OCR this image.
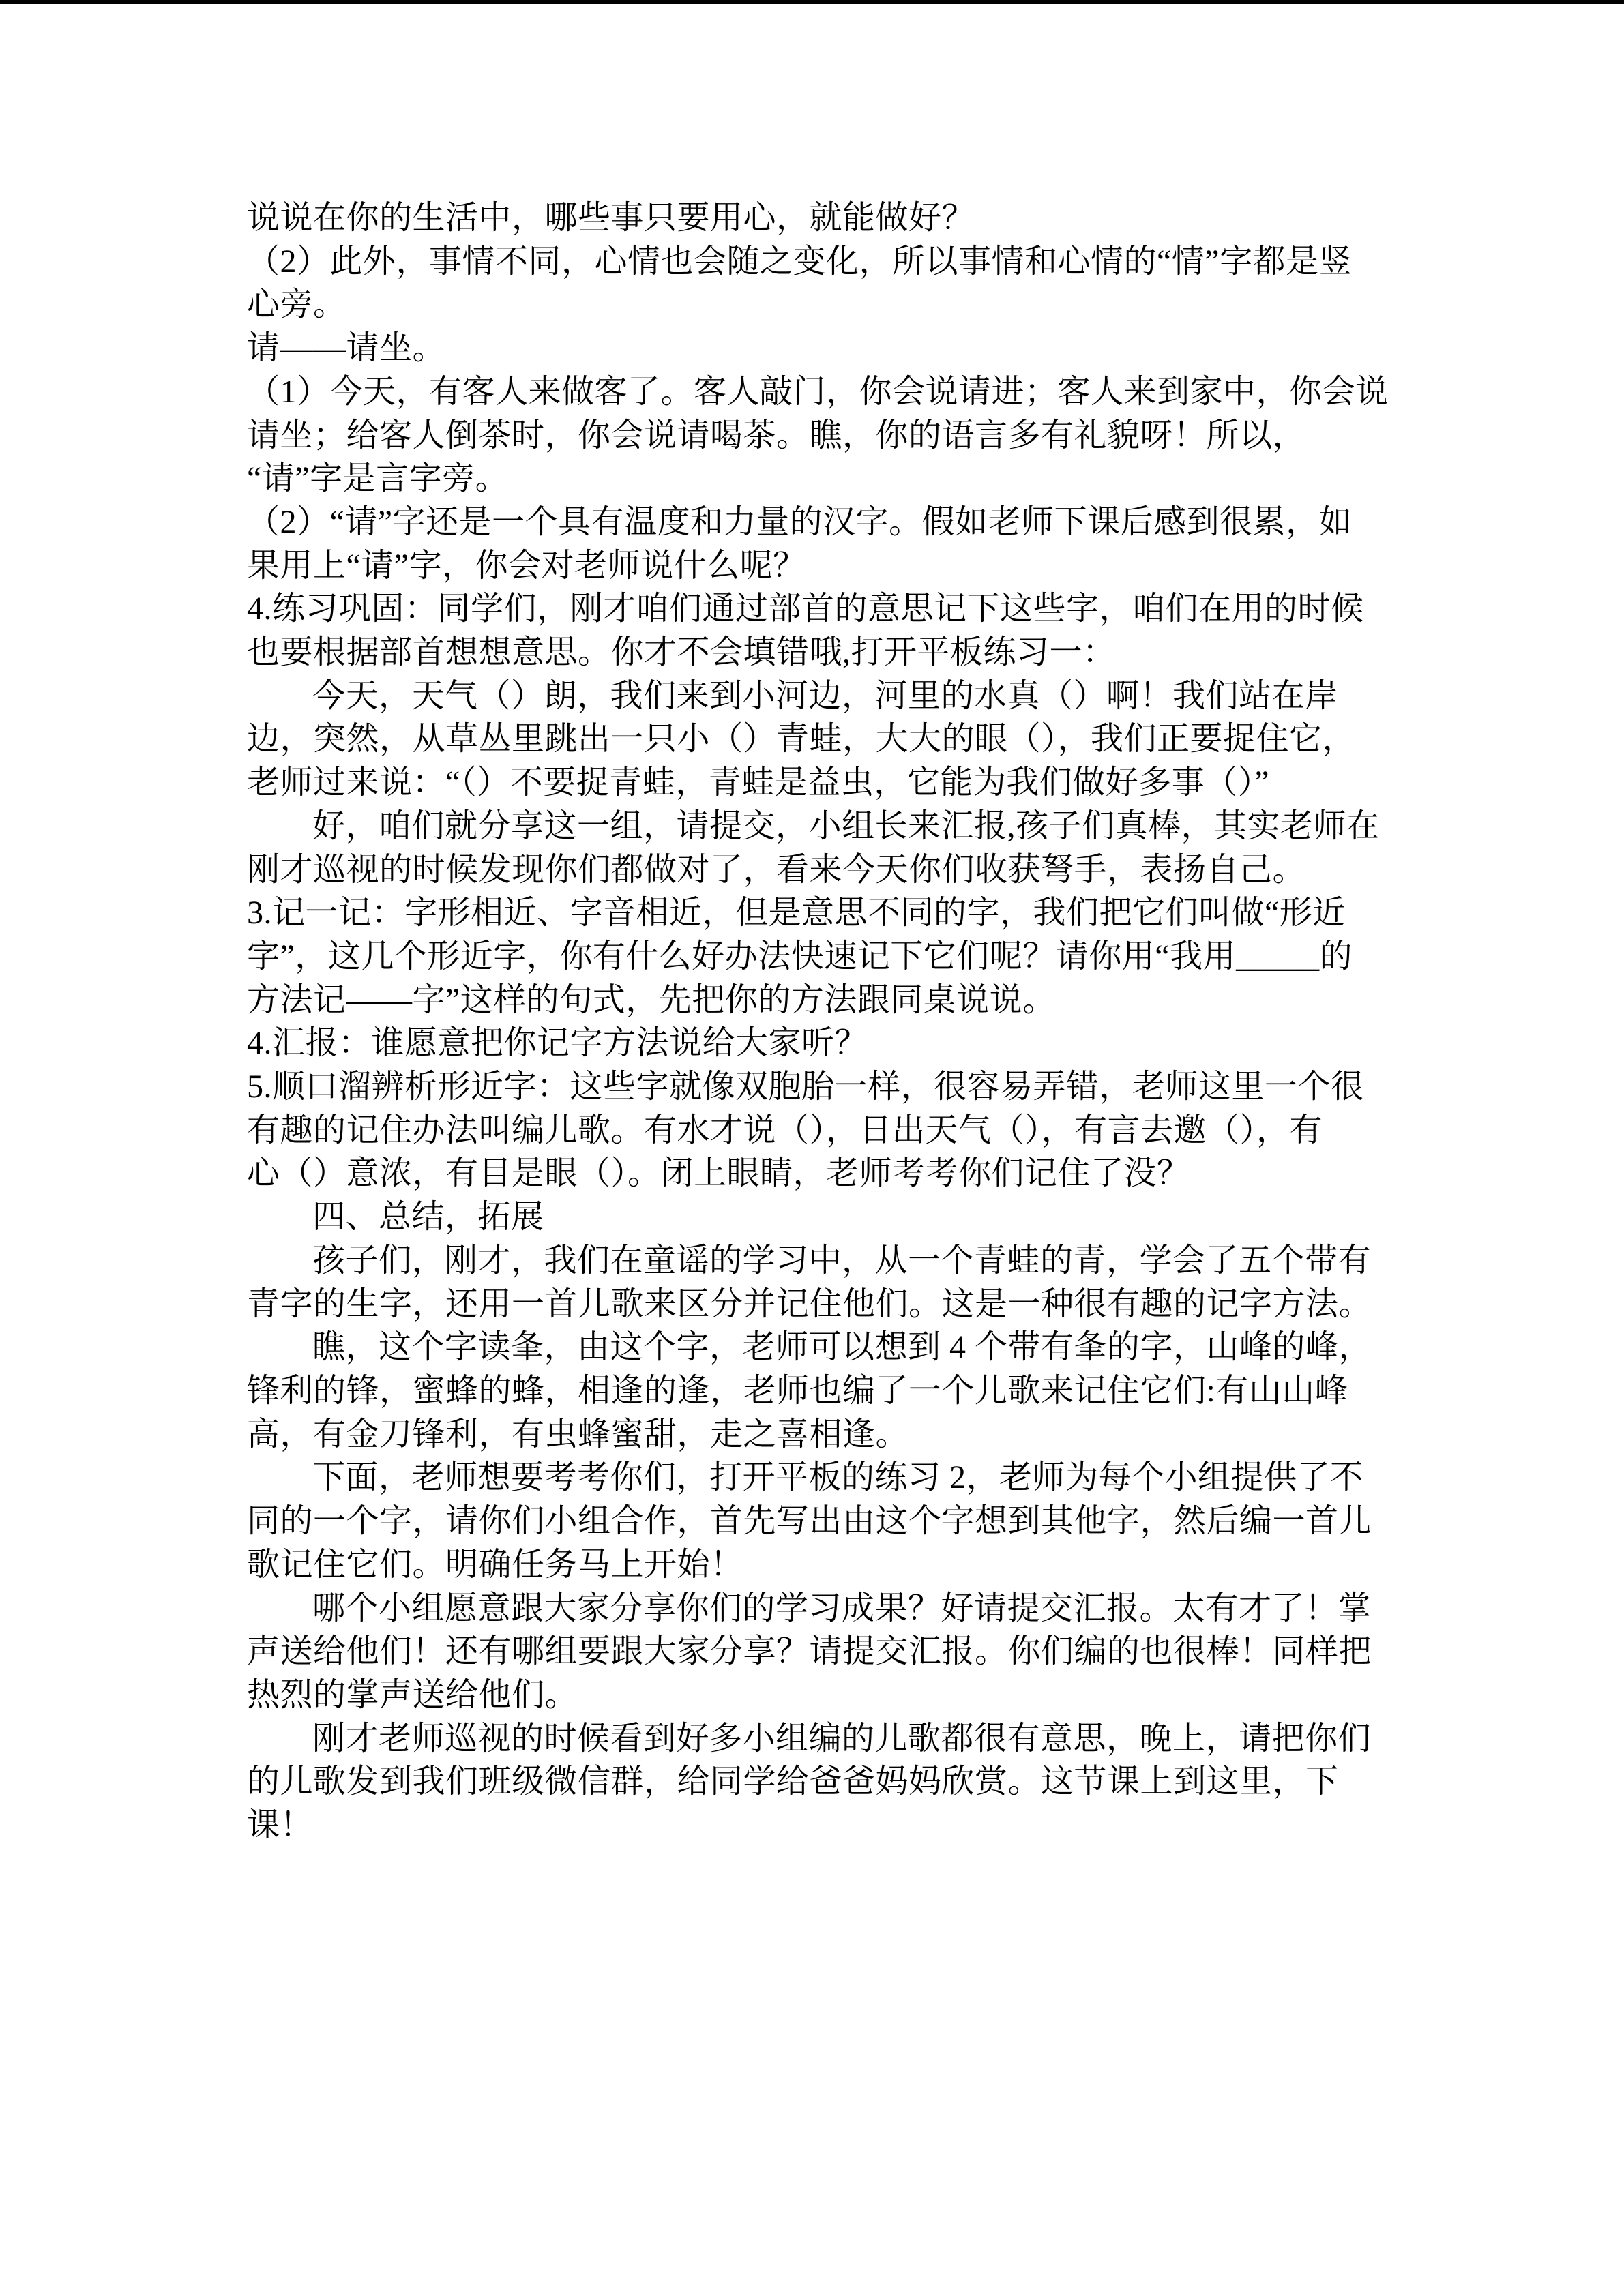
说说在你的生活中，哪些事只要用心，就能做好？
（2）此外，事情不同，心情也会随之变化，所以事情和心情的“情”字都是竖
心旁。
请——请坐。
（1）今天，有客人来做客了。客人敲门，你会说请进；客人来到家中，你会说
请坐；给客人倒茶时，你会说请喝茶。瞧，你的语言多有礼貌呀！所以，
“请”字是言字旁。
（2）“请”字还是一个具有温度和力量的汉字。假如老师下课后感到很累，如
果用上“请”字，你会对老师说什么呢？
4.练习巩固：同学们，刚才咱们通过部首的意思记下这些字，咱们在用的时候
也要根据部首想想意思。你才不会填错哦,打开平板练习一：
今天，天气（）朗，我们来到小河边，河里的水真（）啊！我们站在岸
边，突然，从草丛里跳出一只小（）青蛙，大大的眼（），我们正要捉住它，
老师过来说：“（）不要捉青蛙，青蛙是益虫，它能为我们做好多事（）”
好，咱们就分享这一组，请提交，小组长来汇报,孩子们真棒，其实老师在
刚才巡视的时候发现你们都做对了，看来今天你们收获弩手，表扬自己。
3.记一记：字形相近、字音相近，但是意思不同的字，我们把它们叫做“形近
字”，这几个形近字，你有什么好办法快速记下它们呢？请你用“我用_____的
方法记——字”这样的句式，先把你的方法跟同桌说说。
4.汇报：谁愿意把你记字方法说给大家听？
5.顺口溜辨析形近字：这些字就像双胞胎一样，很容易弄错，老师这里一个很
有趣的记住办法叫编儿歌。有水才说（），日出天气（），有言去邀（），有
心（）意浓，有目是眼（）。闭上眼睛，老师考考你们记住了没？
四、总结，拓展
孩子们，刚才，我们在童谣的学习中，从一个青蛙的青，学会了五个带有
青字的生字，还用一首儿歌来区分并记住他们。这是一种很有趣的记字方法。
瞧，这个字读夆，由这个字，老师可以想到 4 个带有夆的字，山峰的峰，
锋利的锋，蜜蜂的蜂，相逢的逢，老师也编了一个儿歌来记住它们:有山山峰
高，有金刀锋利，有虫蜂蜜甜，走之喜相逢。
下面，老师想要考考你们，打开平板的练习 2，老师为每个小组提供了不
同的一个字，请你们小组合作，首先写出由这个字想到其他字，然后编一首儿
歌记住它们。明确任务马上开始！
哪个小组愿意跟大家分享你们的学习成果？好请提交汇报。太有才了！掌
声送给他们！还有哪组要跟大家分享？请提交汇报。你们编的也很棒！同样把
热烈的掌声送给他们。
刚才老师巡视的时候看到好多小组编的儿歌都很有意思，晚上，请把你们
的儿歌发到我们班级微信群，给同学给爸爸妈妈欣赏。这节课上到这里，下
课！
